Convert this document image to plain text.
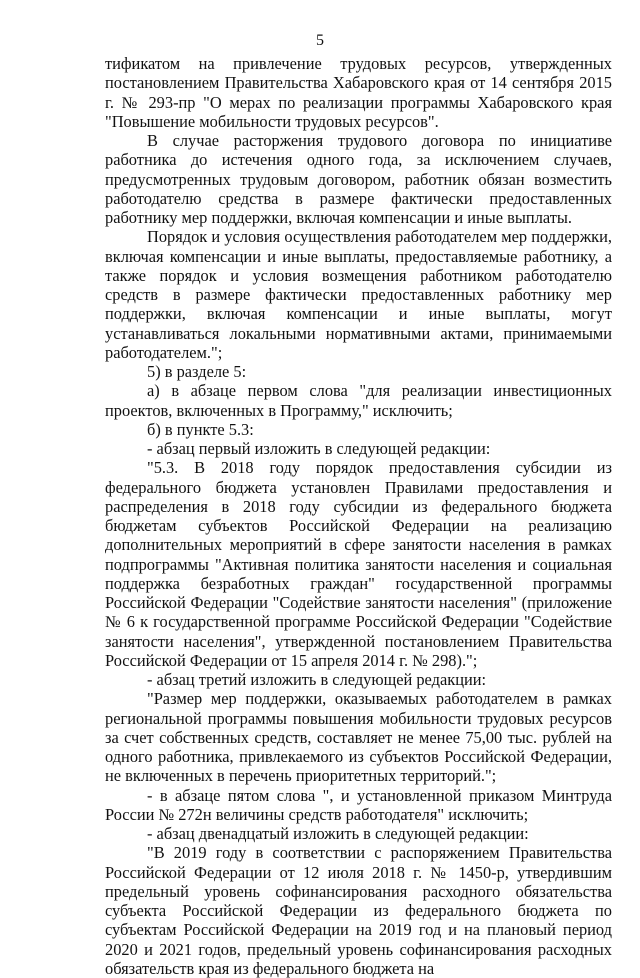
5

тификатом на привлечение трудовых ресурсов, утвержденных постановлением Правительства Хабаровского края от 14 сентября 2015 г. № 293-пр "О мерах по реализации программы Хабаровского края "Повышение мобильности трудовых ресурсов".

В случае расторжения трудового договора по инициативе работника до истечения одного года, за исключением случаев, предусмотренных трудовым договором, работник обязан возместить работодателю средства в размере фактически предоставленных работнику мер поддержки, включая компенсации и иные выплаты.

Порядок и условия осуществления работодателем мер поддержки, включая компенсации и иные выплаты, предоставляемые работнику, а также порядок и условия возмещения работником работодателю средств в размере фактически предоставленных работнику мер поддержки, включая компенсации и иные выплаты, могут устанавливаться локальными нормативными актами, принимаемыми работодателем.";

5) в разделе 5:

а) в абзаце первом слова "для реализации инвестиционных проектов, включенных в Программу," исключить;

б) в пункте 5.3:

- абзац первый изложить в следующей редакции:

"5.3. В 2018 году порядок предоставления субсидии из федерального бюджета установлен Правилами предоставления и распределения в 2018 году субсидии из федерального бюджета бюджетам субъектов Российской Федерации на реализацию дополнительных мероприятий в сфере занятости населения в рамках подпрограммы "Активная политика занятости населения и социальная поддержка безработных граждан" государственной программы Российской Федерации "Содействие занятости населения" (приложение № 6 к государственной программе Российской Федерации "Содействие занятости населения", утвержденной постановлением Правительства Российской Федерации от 15 апреля 2014 г. № 298).";

- абзац третий изложить в следующей редакции:

"Размер мер поддержки, оказываемых работодателем в рамках региональной программы повышения мобильности трудовых ресурсов за счет собственных средств, составляет не менее 75,00 тыс. рублей на одного работника, привлекаемого из субъектов Российской Федерации, не включенных в перечень приоритетных территорий.";

- в абзаце пятом слова ", и установленной приказом Минтруда России № 272н величины средств работодателя" исключить;

- абзац двенадцатый изложить в следующей редакции:

"В 2019 году в соответствии с распоряжением Правительства Российской Федерации от 12 июля 2018 г. № 1450-р, утвердившим предельный уровень софинансирования расходного обязательства субъекта Российской Федерации из федерального бюджета по субъектам Российской Федерации на 2019 год и на плановый период 2020 и 2021 годов, предельный уровень софинансирования расходных обязательств края из федерального бюджета на
